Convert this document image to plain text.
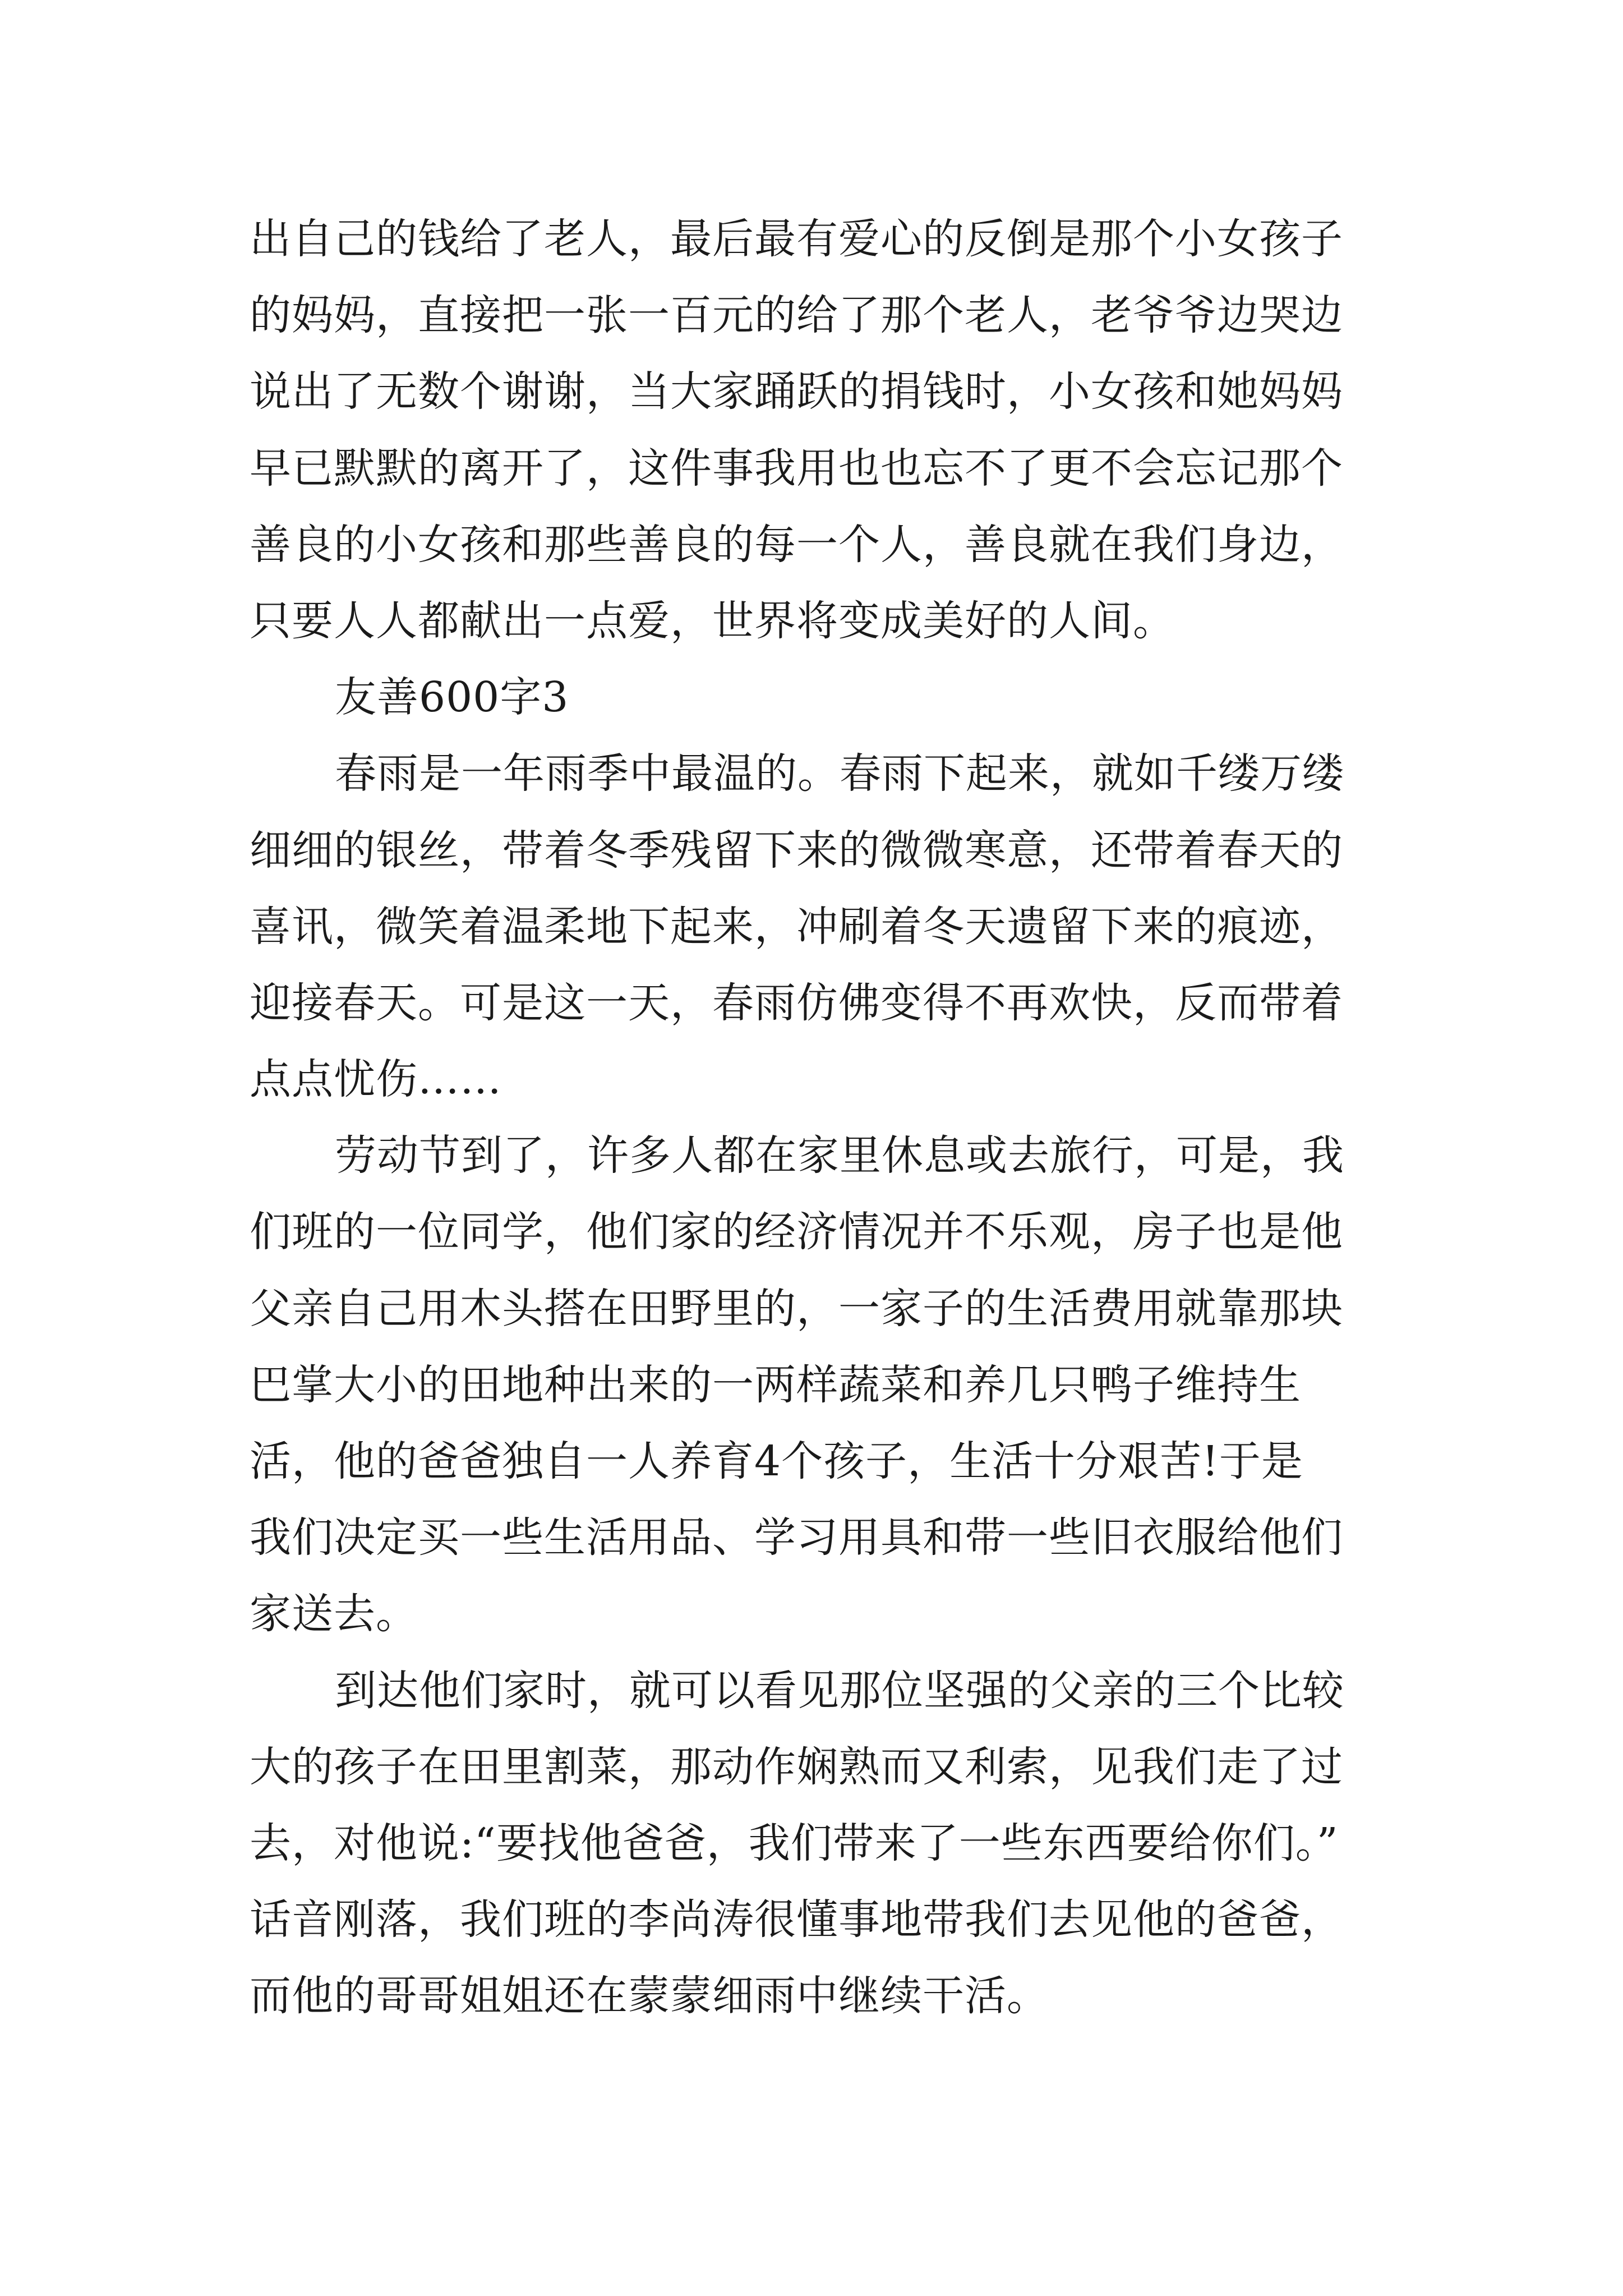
出自己的钱给了老人，最后最有爱心的反倒是那个小女孩子
的妈妈，直接把一张一百元的给了那个老人，老爷爷边哭边
说出了无数个谢谢，当大家踊跃的捐钱时，小女孩和她妈妈
早已默默的离开了，这件事我用也也忘不了更不会忘记那个
善良的小女孩和那些善良的每一个人，善良就在我们身边，
只要人人都献出一点爱，世界将变成美好的人间。
友善600字3
春雨是一年雨季中最温的。春雨下起来，就如千缕万缕
细细的银丝，带着冬季残留下来的微微寒意，还带着春天的
喜讯，微笑着温柔地下起来，冲刷着冬天遗留下来的痕迹，
迎接春天。可是这一天，春雨仿佛变得不再欢快，反而带着
点点忧伤……
劳动节到了，许多人都在家里休息或去旅行，可是，我
们班的一位同学，他们家的经济情况并不乐观，房子也是他
父亲自己用木头搭在田野里的，一家子的生活费用就靠那块
巴掌大小的田地种出来的一两样蔬菜和养几只鸭子维持生
活，他的爸爸独自一人养育4个孩子，生活十分艰苦!于是
我们决定买一些生活用品、学习用具和带一些旧衣服给他们
家送去。
到达他们家时，就可以看见那位坚强的父亲的三个比较
大的孩子在田里割菜，那动作娴熟而又利索，见我们走了过
去，对他说:“要找他爸爸，我们带来了一些东西要给你们。”
话音刚落，我们班的李尚涛很懂事地带我们去见他的爸爸，
而他的哥哥姐姐还在蒙蒙细雨中继续干活。
